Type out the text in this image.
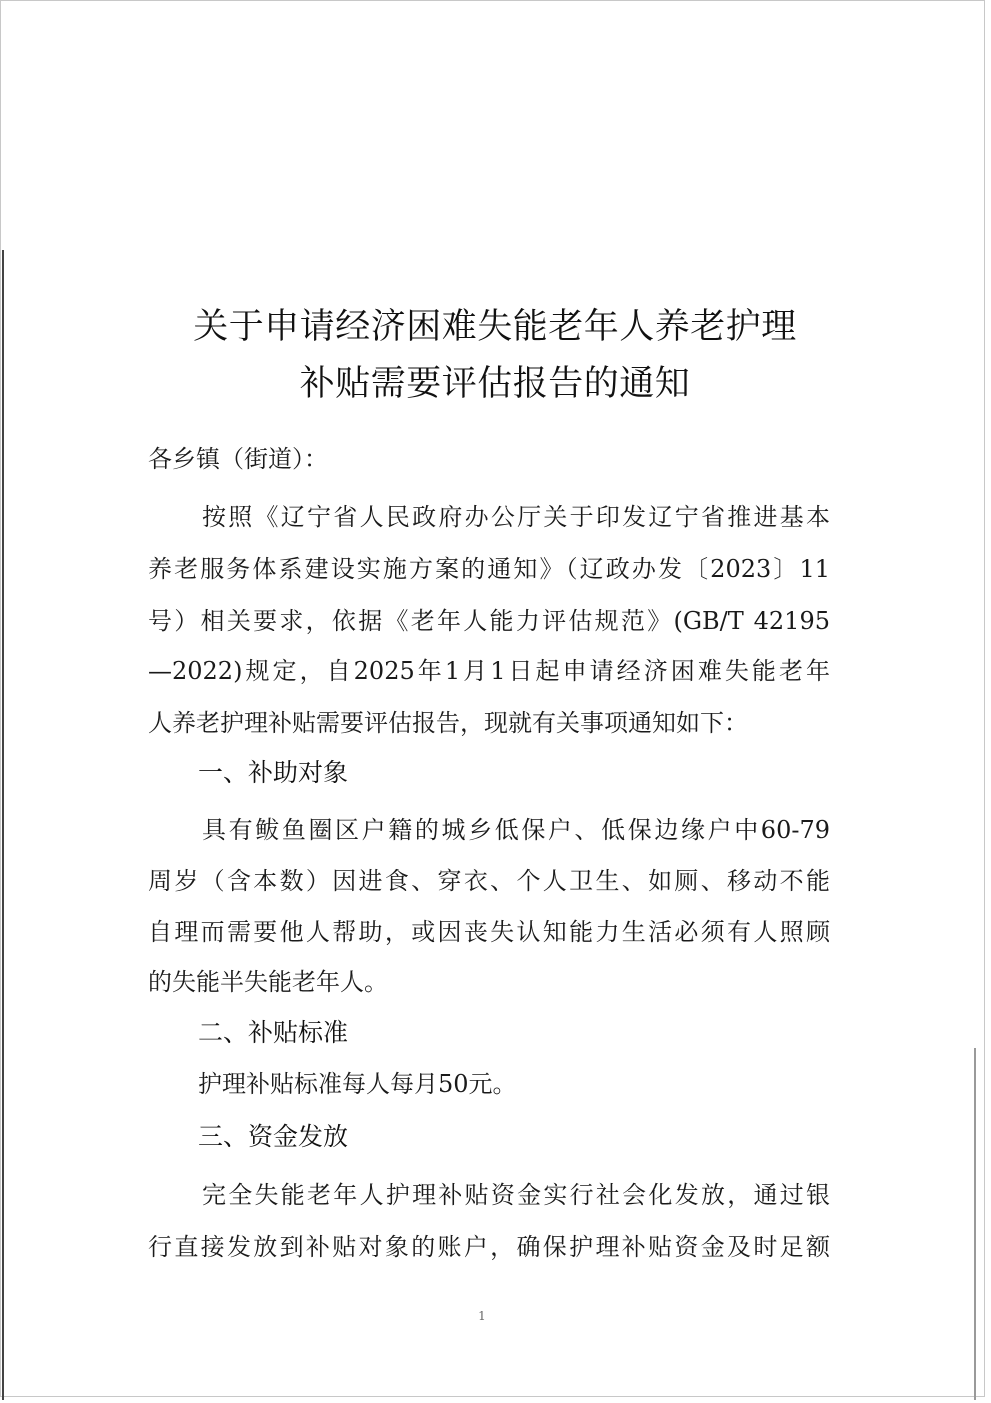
关于申请经济困难失能老年人养老护理
补贴需要评估报告的通知
各乡镇（街道）：
按照《辽宁省人民政府办公厅关于印发辽宁省推进基本
养老服务体系建设实施方案的通知》（辽政办发〔2023〕11
号）相关要求，依据《老年人能力评估规范》(GB/T 42195
—2022)规定，自2025年1月1日起申请经济困难失能老年
人养老护理补贴需要评估报告，现就有关事项通知如下：
一、补助对象
具有鲅鱼圈区户籍的城乡低保户、低保边缘户中60-79
周岁（含本数）因进食、穿衣、个人卫生、如厕、移动不能
自理而需要他人帮助，或因丧失认知能力生活必须有人照顾
的失能半失能老年人。
二、补贴标准
护理补贴标准每人每月50元。
三、资金发放
完全失能老年人护理补贴资金实行社会化发放，通过银
行直接发放到补贴对象的账户，确保护理补贴资金及时足额
1
